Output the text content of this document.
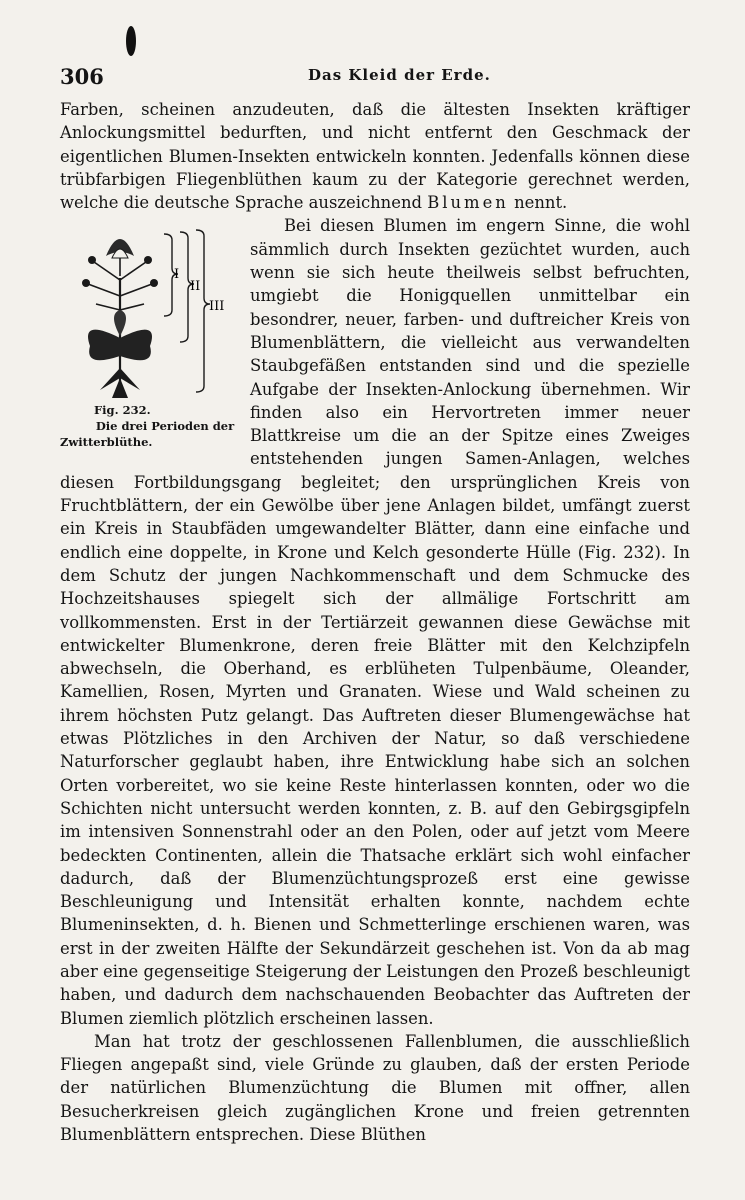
306	Das Kleid der Erde.

Farben, scheinen anzudeuten, daß die ältesten Insekten kräftiger Anlockungsmittel bedurften, und nicht entfernt den Geschmack der eigentlichen Blumen-Insekten entwickeln konnten. Jedenfalls können diese trübfarbigen Fliegenblüthen kaum zu der Kategorie gerechnet werden, welche die deutsche Sprache auszeichnend Blumen nennt.

I
II
III
Fig. 232.
Die drei Perioden der Zwitterblüthe.
Bei diesen Blumen im engern Sinne, die wohl sämmlich durch Insekten gezüchtet wurden, auch wenn sie sich heute theilweis selbst befruchten, umgiebt die Honigquellen unmittelbar ein besondrer, neuer, farben- und duftreicher Kreis von Blumenblättern, die vielleicht aus verwandelten Staubgefäßen entstanden sind und die spezielle Aufgabe der Insekten-Anlockung übernehmen. Wir finden also ein Hervortreten immer neuer Blattkreise um die an der Spitze eines Zweiges entstehenden jungen Samen-Anlagen, welches diesen Fortbildungsgang begleitet; den ursprünglichen Kreis von Fruchtblättern, der ein Gewölbe über jene Anlagen bildet, umfängt zuerst ein Kreis in Staubfäden umgewandelter Blätter, dann eine einfache und endlich eine doppelte, in Krone und Kelch gesonderte Hülle (Fig. 232). In dem Schutz der jungen Nachkommenschaft und dem Schmucke des Hochzeitshauses spiegelt sich der allmälige Fortschritt am vollkommensten. Erst in der Tertiärzeit gewannen diese Gewächse mit entwickelter Blumenkrone, deren freie Blätter mit den Kelchzipfeln abwechseln, die Oberhand, es erblüheten Tulpenbäume, Oleander, Kamellien, Rosen, Myrten und Granaten. Wiese und Wald scheinen zu ihrem höchsten Putz gelangt. Das Auftreten dieser Blumengewächse hat etwas Plötzliches in den Archiven der Natur, so daß verschiedene Naturforscher geglaubt haben, ihre Entwicklung habe sich an solchen Orten vorbereitet, wo sie keine Reste hinterlassen konnten, oder wo die Schichten nicht untersucht werden konnten, z. B. auf den Gebirgsgipfeln im intensiven Sonnenstrahl oder an den Polen, oder auf jetzt vom Meere bedeckten Continenten, allein die Thatsache erklärt sich wohl einfacher dadurch, daß der Blumenzüchtungsprozeß erst eine gewisse Beschleunigung und Intensität erhalten konnte, nachdem echte Blumeninsekten, d. h. Bienen und Schmetterlinge erschienen waren, was erst in der zweiten Hälfte der Sekundärzeit geschehen ist. Von da ab mag aber eine gegenseitige Steigerung der Leistungen den Prozeß beschleunigt haben, und dadurch dem nachschauenden Beobachter das Auftreten der Blumen ziemlich plötzlich erscheinen lassen.

Man hat trotz der geschlossenen Fallenblumen, die ausschließlich Fliegen angepaßt sind, viele Gründe zu glauben, daß der ersten Periode der natürlichen Blumenzüchtung die Blumen mit offner, allen Besucherkreisen gleich zugänglichen Krone und freien getrennten Blumenblättern entsprechen. Diese Blüthen
